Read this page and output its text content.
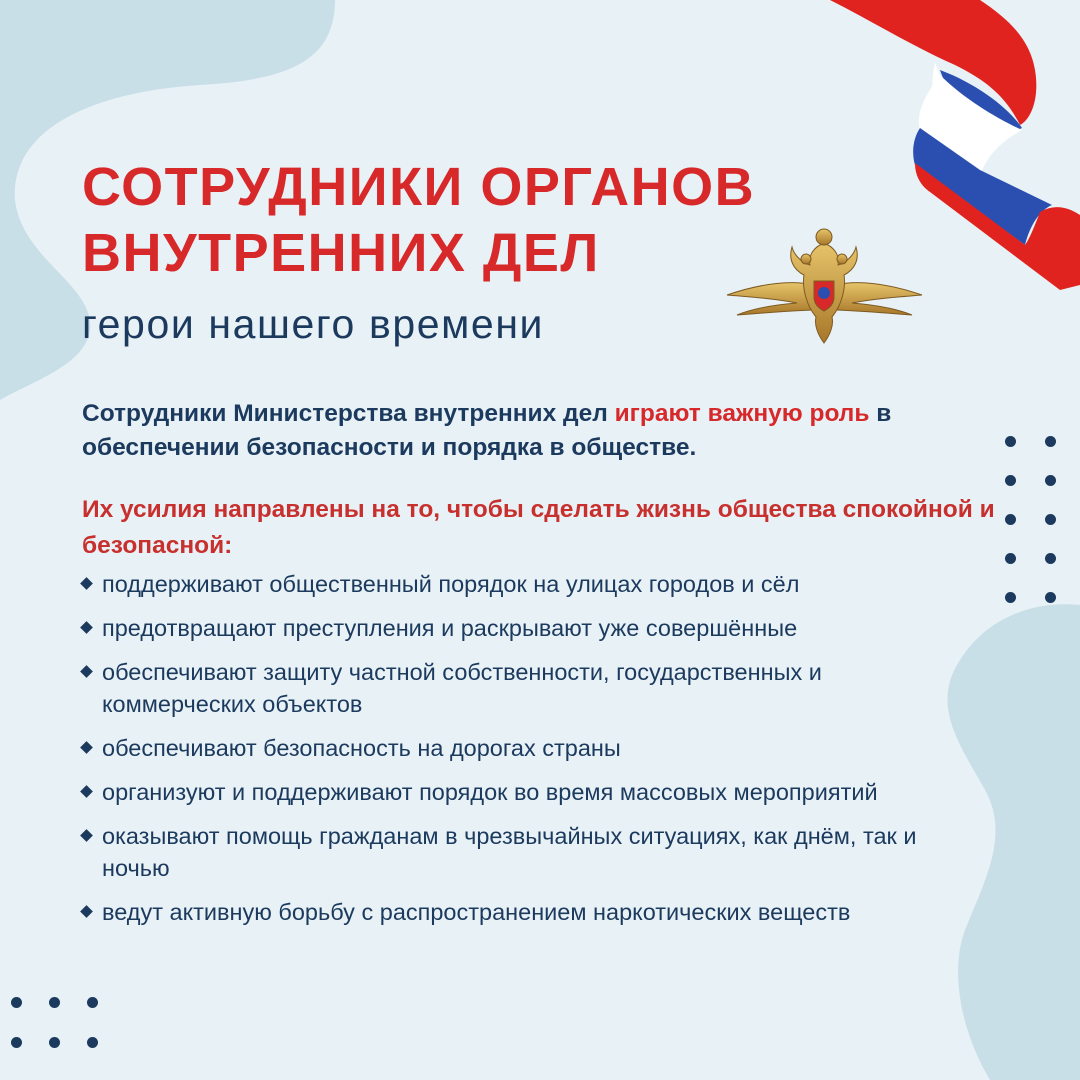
СОТРУДНИКИ ОРГАНОВ
ВНУТРЕННИХ ДЕЛ

герои нашего времени

Сотрудники Министерства внутренних дел играют важную роль в обеспечении безопасности и порядка в обществе.

Их усилия направлены на то, чтобы сделать жизнь общества спокойной и безопасной:

поддерживают общественный порядок на улицах городов и сёл
предотвращают преступления и раскрывают уже совершённые
обеспечивают защиту частной собственности, государственных и коммерческих объектов
обеспечивают безопасность на дорогах страны
организуют и поддерживают порядок во время массовых мероприятий
оказывают помощь гражданам в чрезвычайных ситуациях, как днём, так и ночью
ведут активную борьбу с распространением наркотических веществ
